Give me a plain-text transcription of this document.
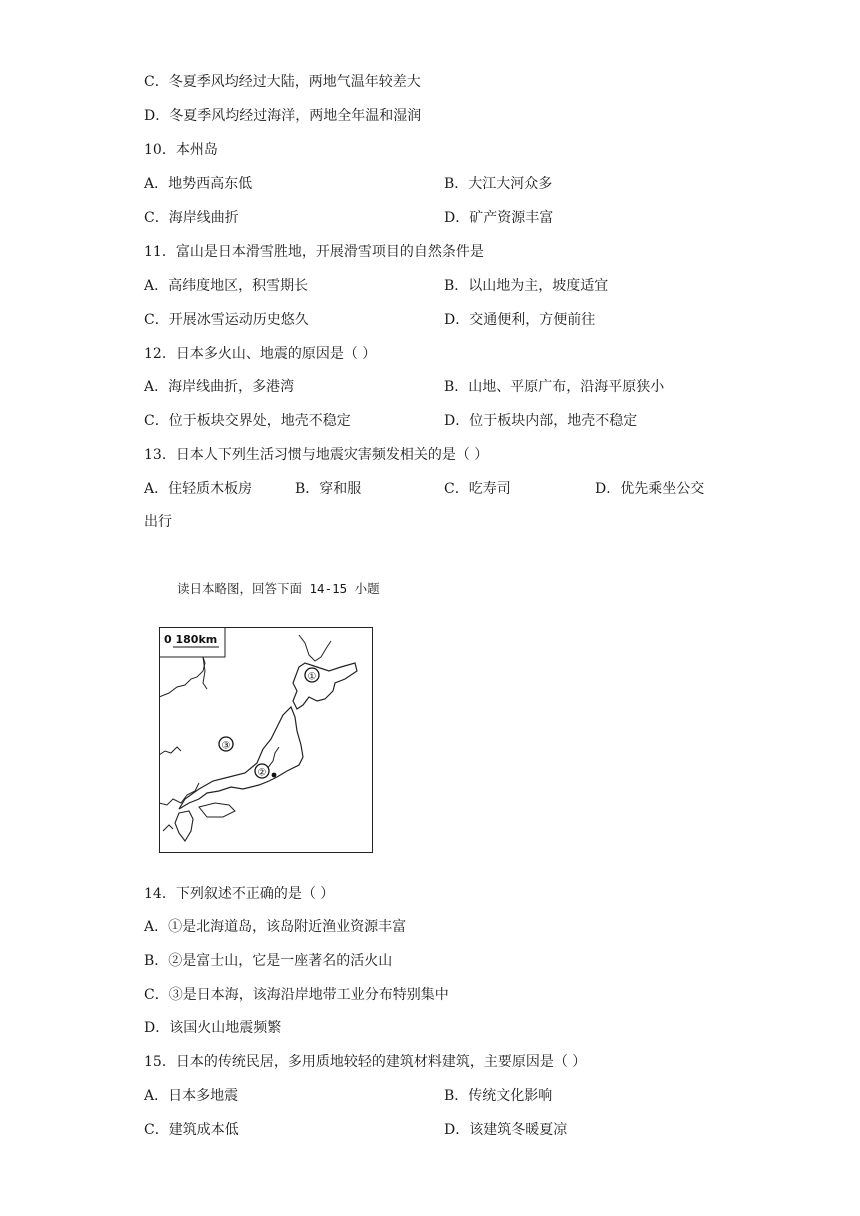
C．冬夏季风均经过大陆，两地气温年较差大
D．冬夏季风均经过海洋，两地全年温和湿润
10．本州岛
A．地势西高东低	B．大江大河众多
C．海岸线曲折	D．矿产资源丰富
11．富山是日本滑雪胜地，开展滑雪项目的自然条件是
A．高纬度地区，积雪期长	B．以山地为主，坡度适宜
C．开展冰雪运动历史悠久	D．交通便利，方便前往
12．日本多火山、地震的原因是（ ）
A．海岸线曲折，多港湾	B．山地、平原广布，沿海平原狭小
C．位于板块交界处，地壳不稳定	D．位于板块内部，地壳不稳定
13．日本人下列生活习惯与地震灾害频发相关的是（ ）
A．住轻质木板房	B．穿和服	C．吃寿司	D．优先乘坐公交
出行
读日本略图，回答下面 14-15 小题
0 180km
①
②
③
14．下列叙述不正确的是（ ）
A．①是北海道岛，该岛附近渔业资源丰富
B．②是富士山，它是一座著名的活火山
C．③是日本海，该海沿岸地带工业分布特别集中
D．该国火山地震频繁
15．日本的传统民居，多用质地较轻的建筑材料建筑，主要原因是（ ）
A．日本多地震	B．传统文化影响
C．建筑成本低	D．该建筑冬暖夏凉
